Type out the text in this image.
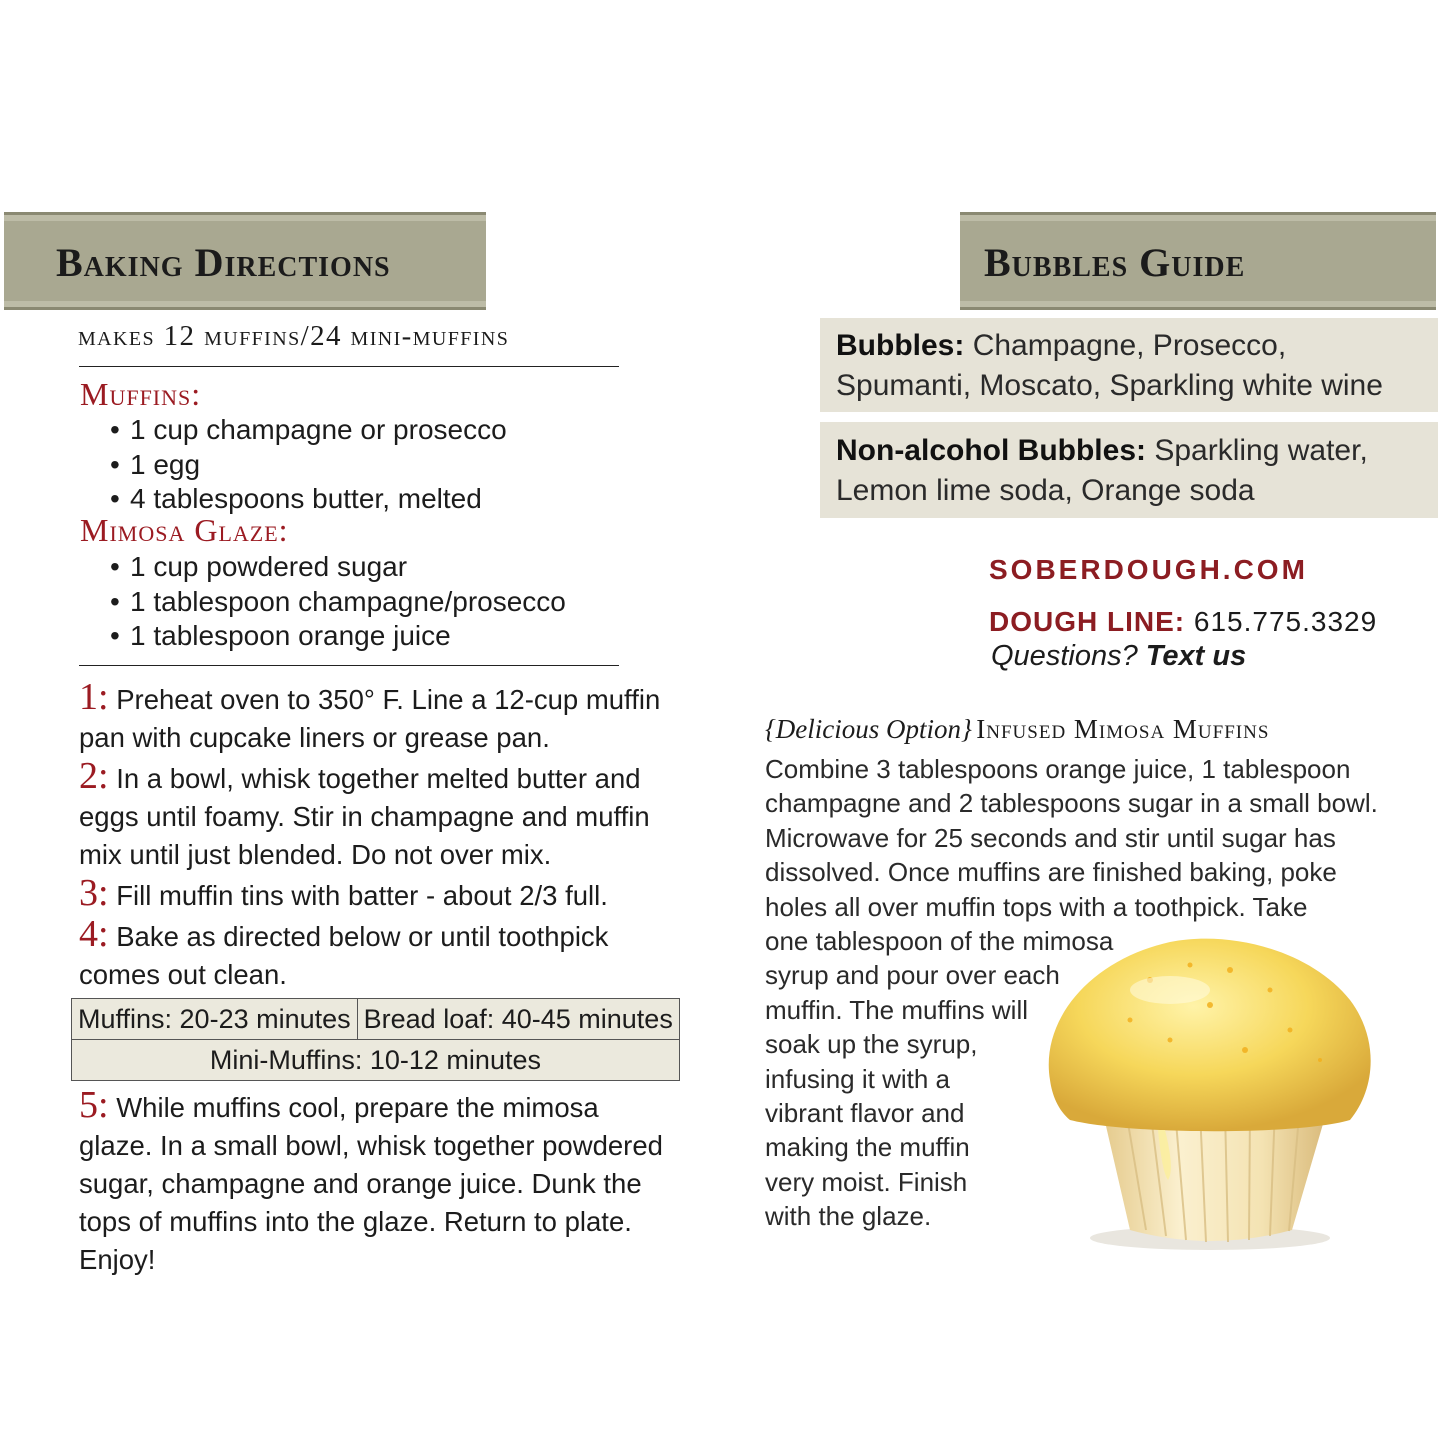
Baking Directions
makes 12 muffins/24 mini-muffins
Muffins:
• 1 cup champagne or prosecco
• 1 egg
• 4 tablespoons butter, melted
Mimosa Glaze:
• 1 cup powdered sugar
• 1 tablespoon champagne/prosecco
• 1 tablespoon orange juice

1: Preheat oven to 350° F. Line a 12-cup muffin pan with cupcake liners or grease pan.

2: In a bowl, whisk together melted butter and eggs until foamy. Stir in champagne and muffin mix until just blended. Do not over mix.

3: Fill muffin tins with batter - about 2/3 full.

4: Bake as directed below or until toothpick comes out clean.

Muffins: 20-23 minutes	Bread loaf: 40-45 minutes
Mini-Muffins: 10-12 minutes

5: While muffins cool, prepare the mimosa glaze. In a small bowl, whisk together powdered sugar, champagne and orange juice. Dunk the tops of muffins into the glaze. Return to plate. Enjoy!

Bubbles Guide
Bubbles: Champagne, Prosecco,
Spumanti, Moscato, Sparkling white wine
Non-alcohol Bubbles: Sparkling water,
Lemon lime soda, Orange soda
SOBERDOUGH.COM
DOUGH LINE: 615.775.3329
Questions? Text us
{Delicious Option} Infused Mimosa Muffins
Combine 3 tablespoons orange juice, 1 tablespoon
champagne and 2 tablespoons sugar in a small bowl.
Microwave for 25 seconds and stir until sugar has
dissolved. Once muffins are finished baking, poke
holes all over muffin tops with a toothpick. Take
one tablespoon of the mimosa
syrup and pour over each
muffin. The muffins will
soak up the syrup,
infusing it with a
vibrant flavor and
making the muffin
very moist. Finish
with the glaze.
